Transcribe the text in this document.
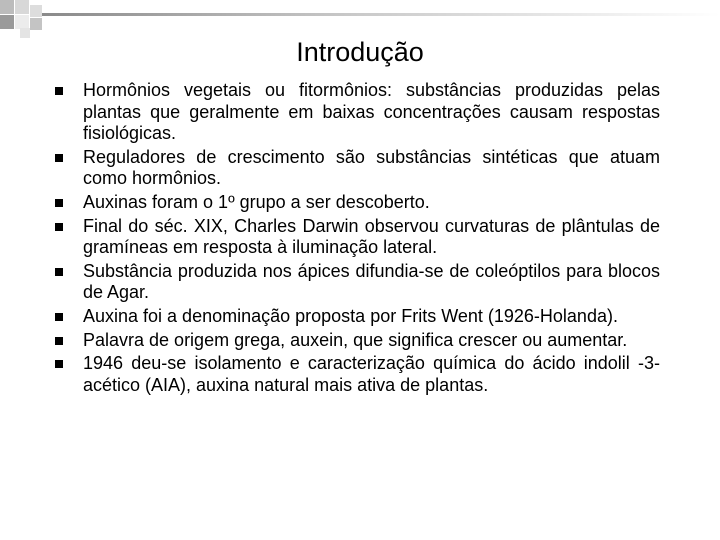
Introdução
Hormônios vegetais ou fitormônios: substâncias produzidas pelas plantas que geralmente em baixas concentrações causam respostas fisiológicas.
Reguladores de crescimento são substâncias sintéticas que atuam como hormônios.
Auxinas foram o 1º grupo a ser descoberto.
Final do séc. XIX, Charles Darwin observou curvaturas de plântulas de gramíneas em resposta à iluminação lateral.
Substância produzida nos ápices difundia-se de coleóptilos para blocos de Agar.
Auxina foi a denominação proposta por Frits Went (1926-Holanda).
Palavra de origem grega, auxein, que significa crescer ou aumentar.
1946 deu-se isolamento e caracterização química do ácido indolil -3- acético (AIA), auxina natural mais ativa de plantas.
